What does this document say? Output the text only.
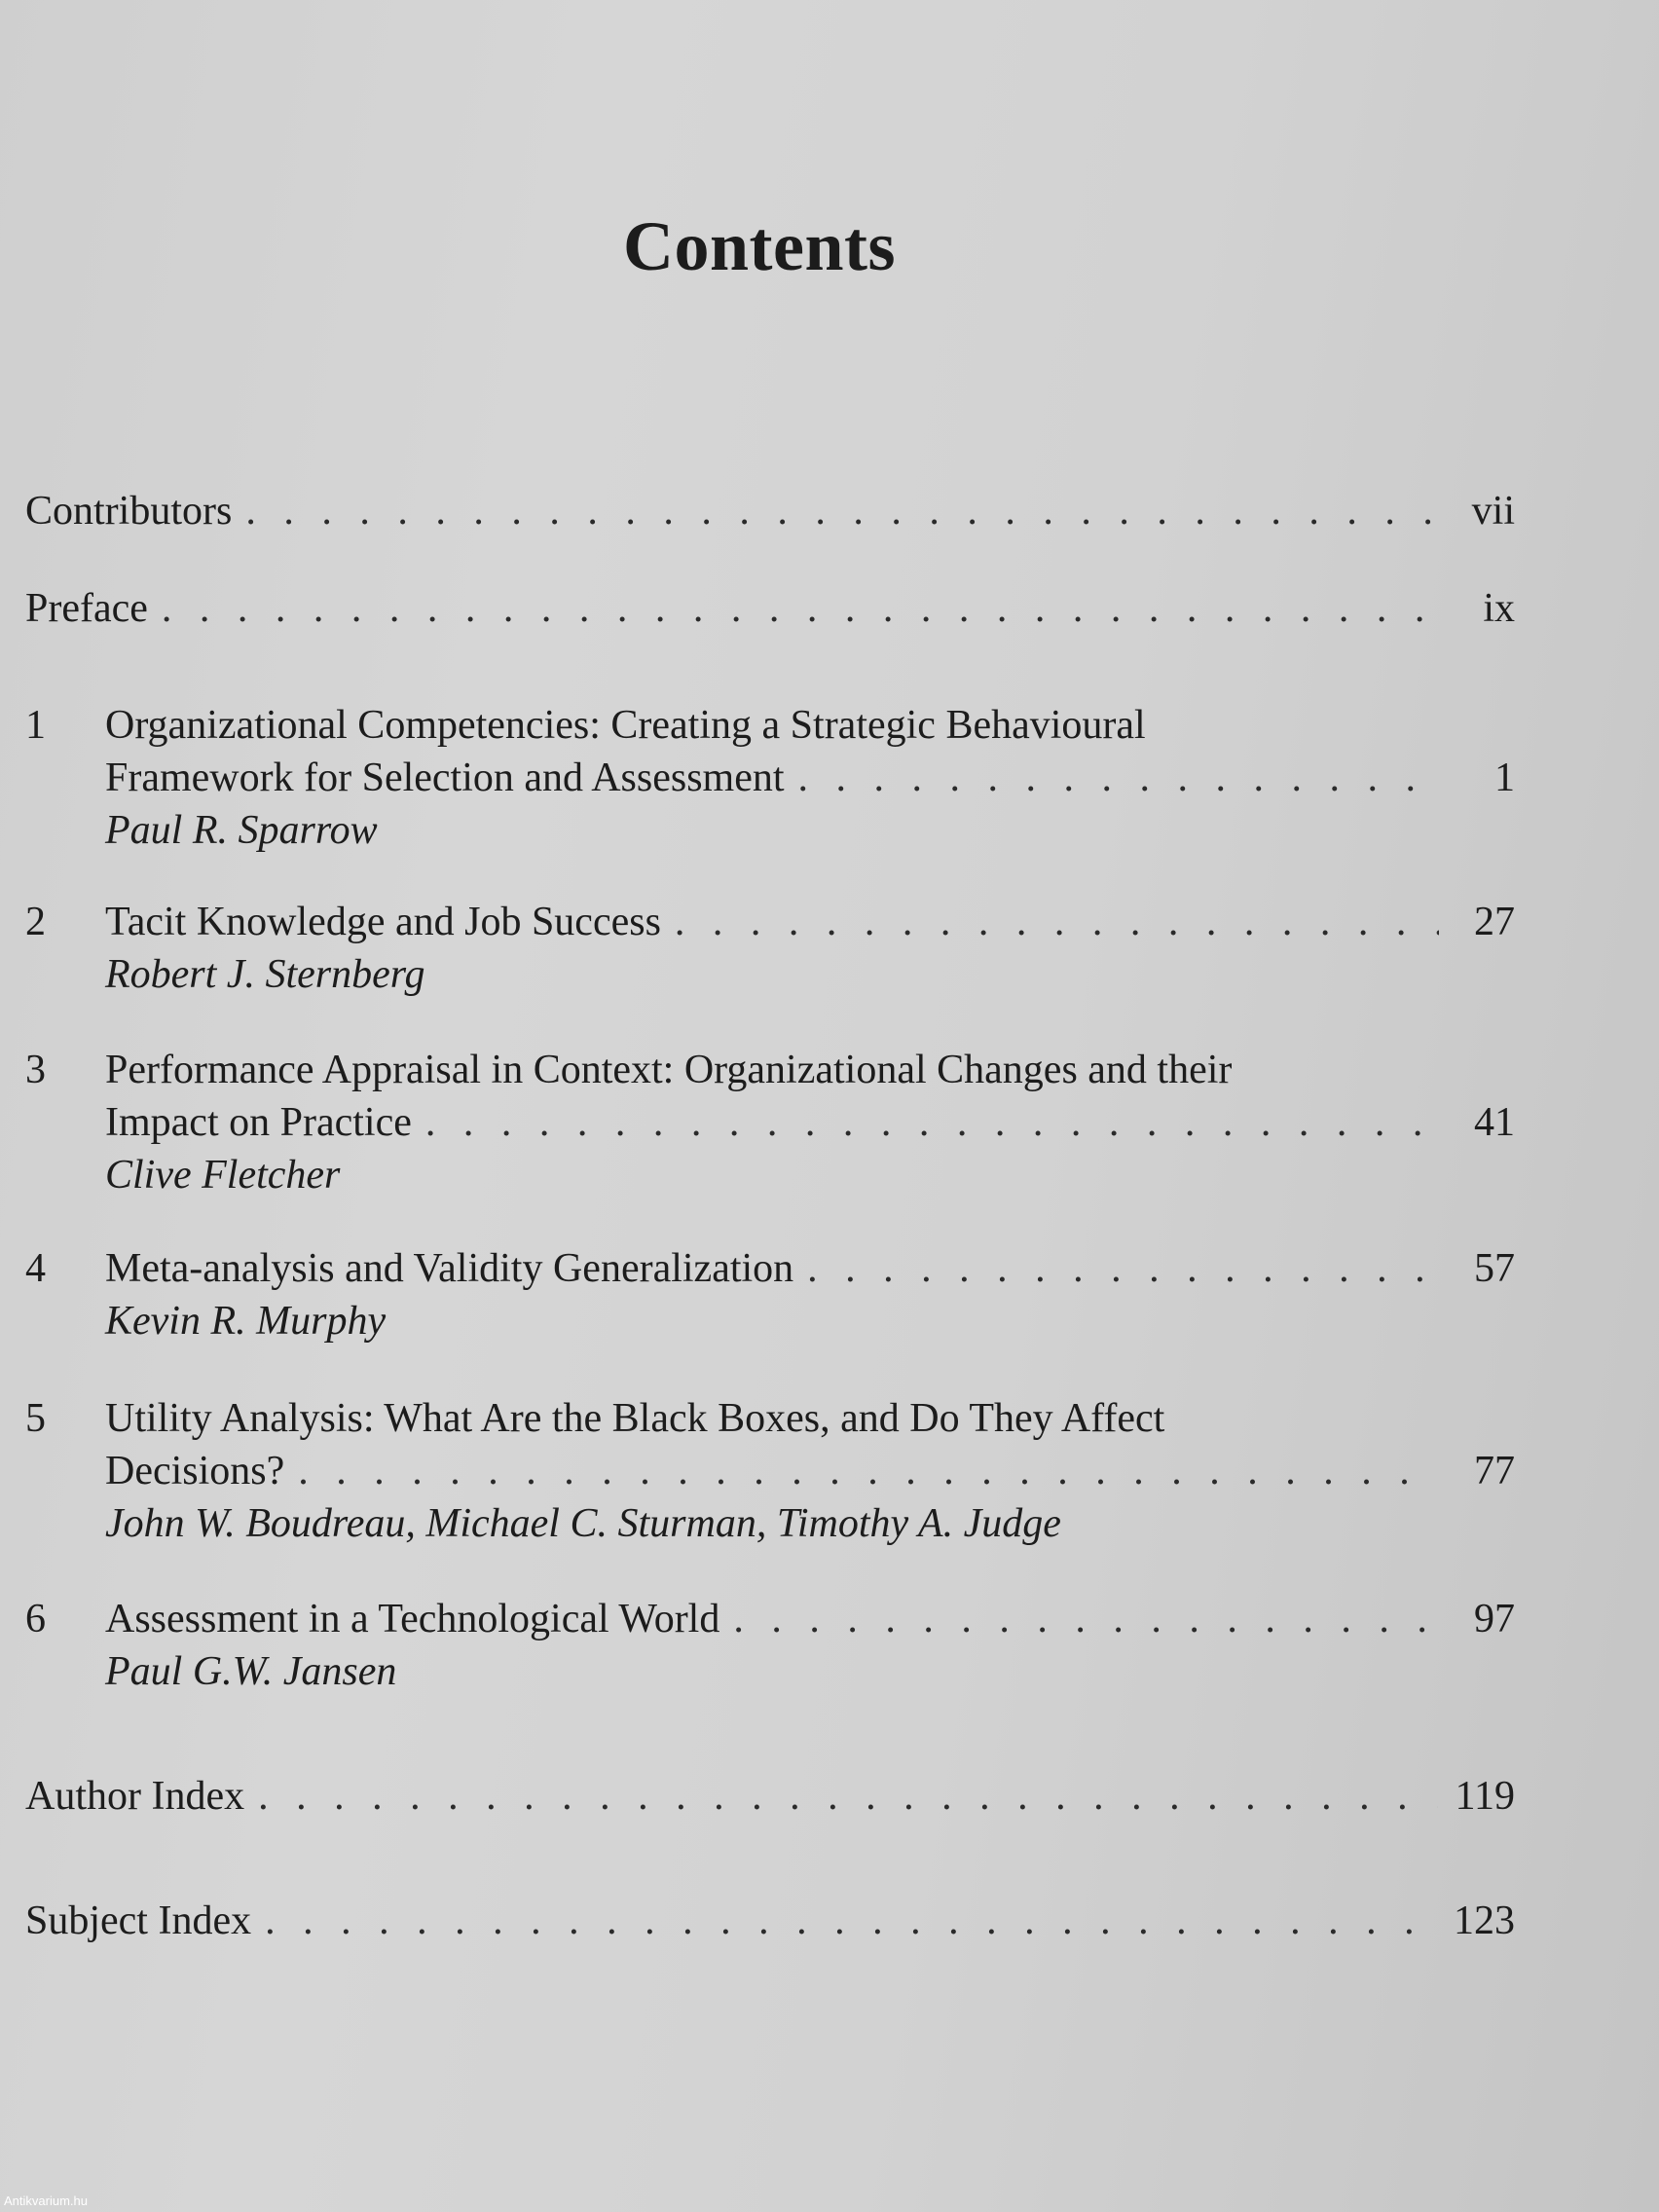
Contents
Contributors . . .	vii
Preface . . .	ix
1	Organizational Competencies: Creating a Strategic Behavioural
Framework for Selection and Assessment . . .	1
Paul R. Sparrow
2	Tacit Knowledge and Job Success . . .	27
Robert J. Sternberg
3	Performance Appraisal in Context: Organizational Changes and their
Impact on Practice . . .	41
Clive Fletcher
4	Meta-analysis and Validity Generalization . . .	57
Kevin R. Murphy
5	Utility Analysis: What Are the Black Boxes, and Do They Affect
Decisions? . . .	77
John W. Boudreau, Michael C. Sturman, Timothy A. Judge
6	Assessment in a Technological World . . .	97
Paul G.W. Jansen
Author Index . . .	119
Subject Index . . .	123
Antikvarium.hu
